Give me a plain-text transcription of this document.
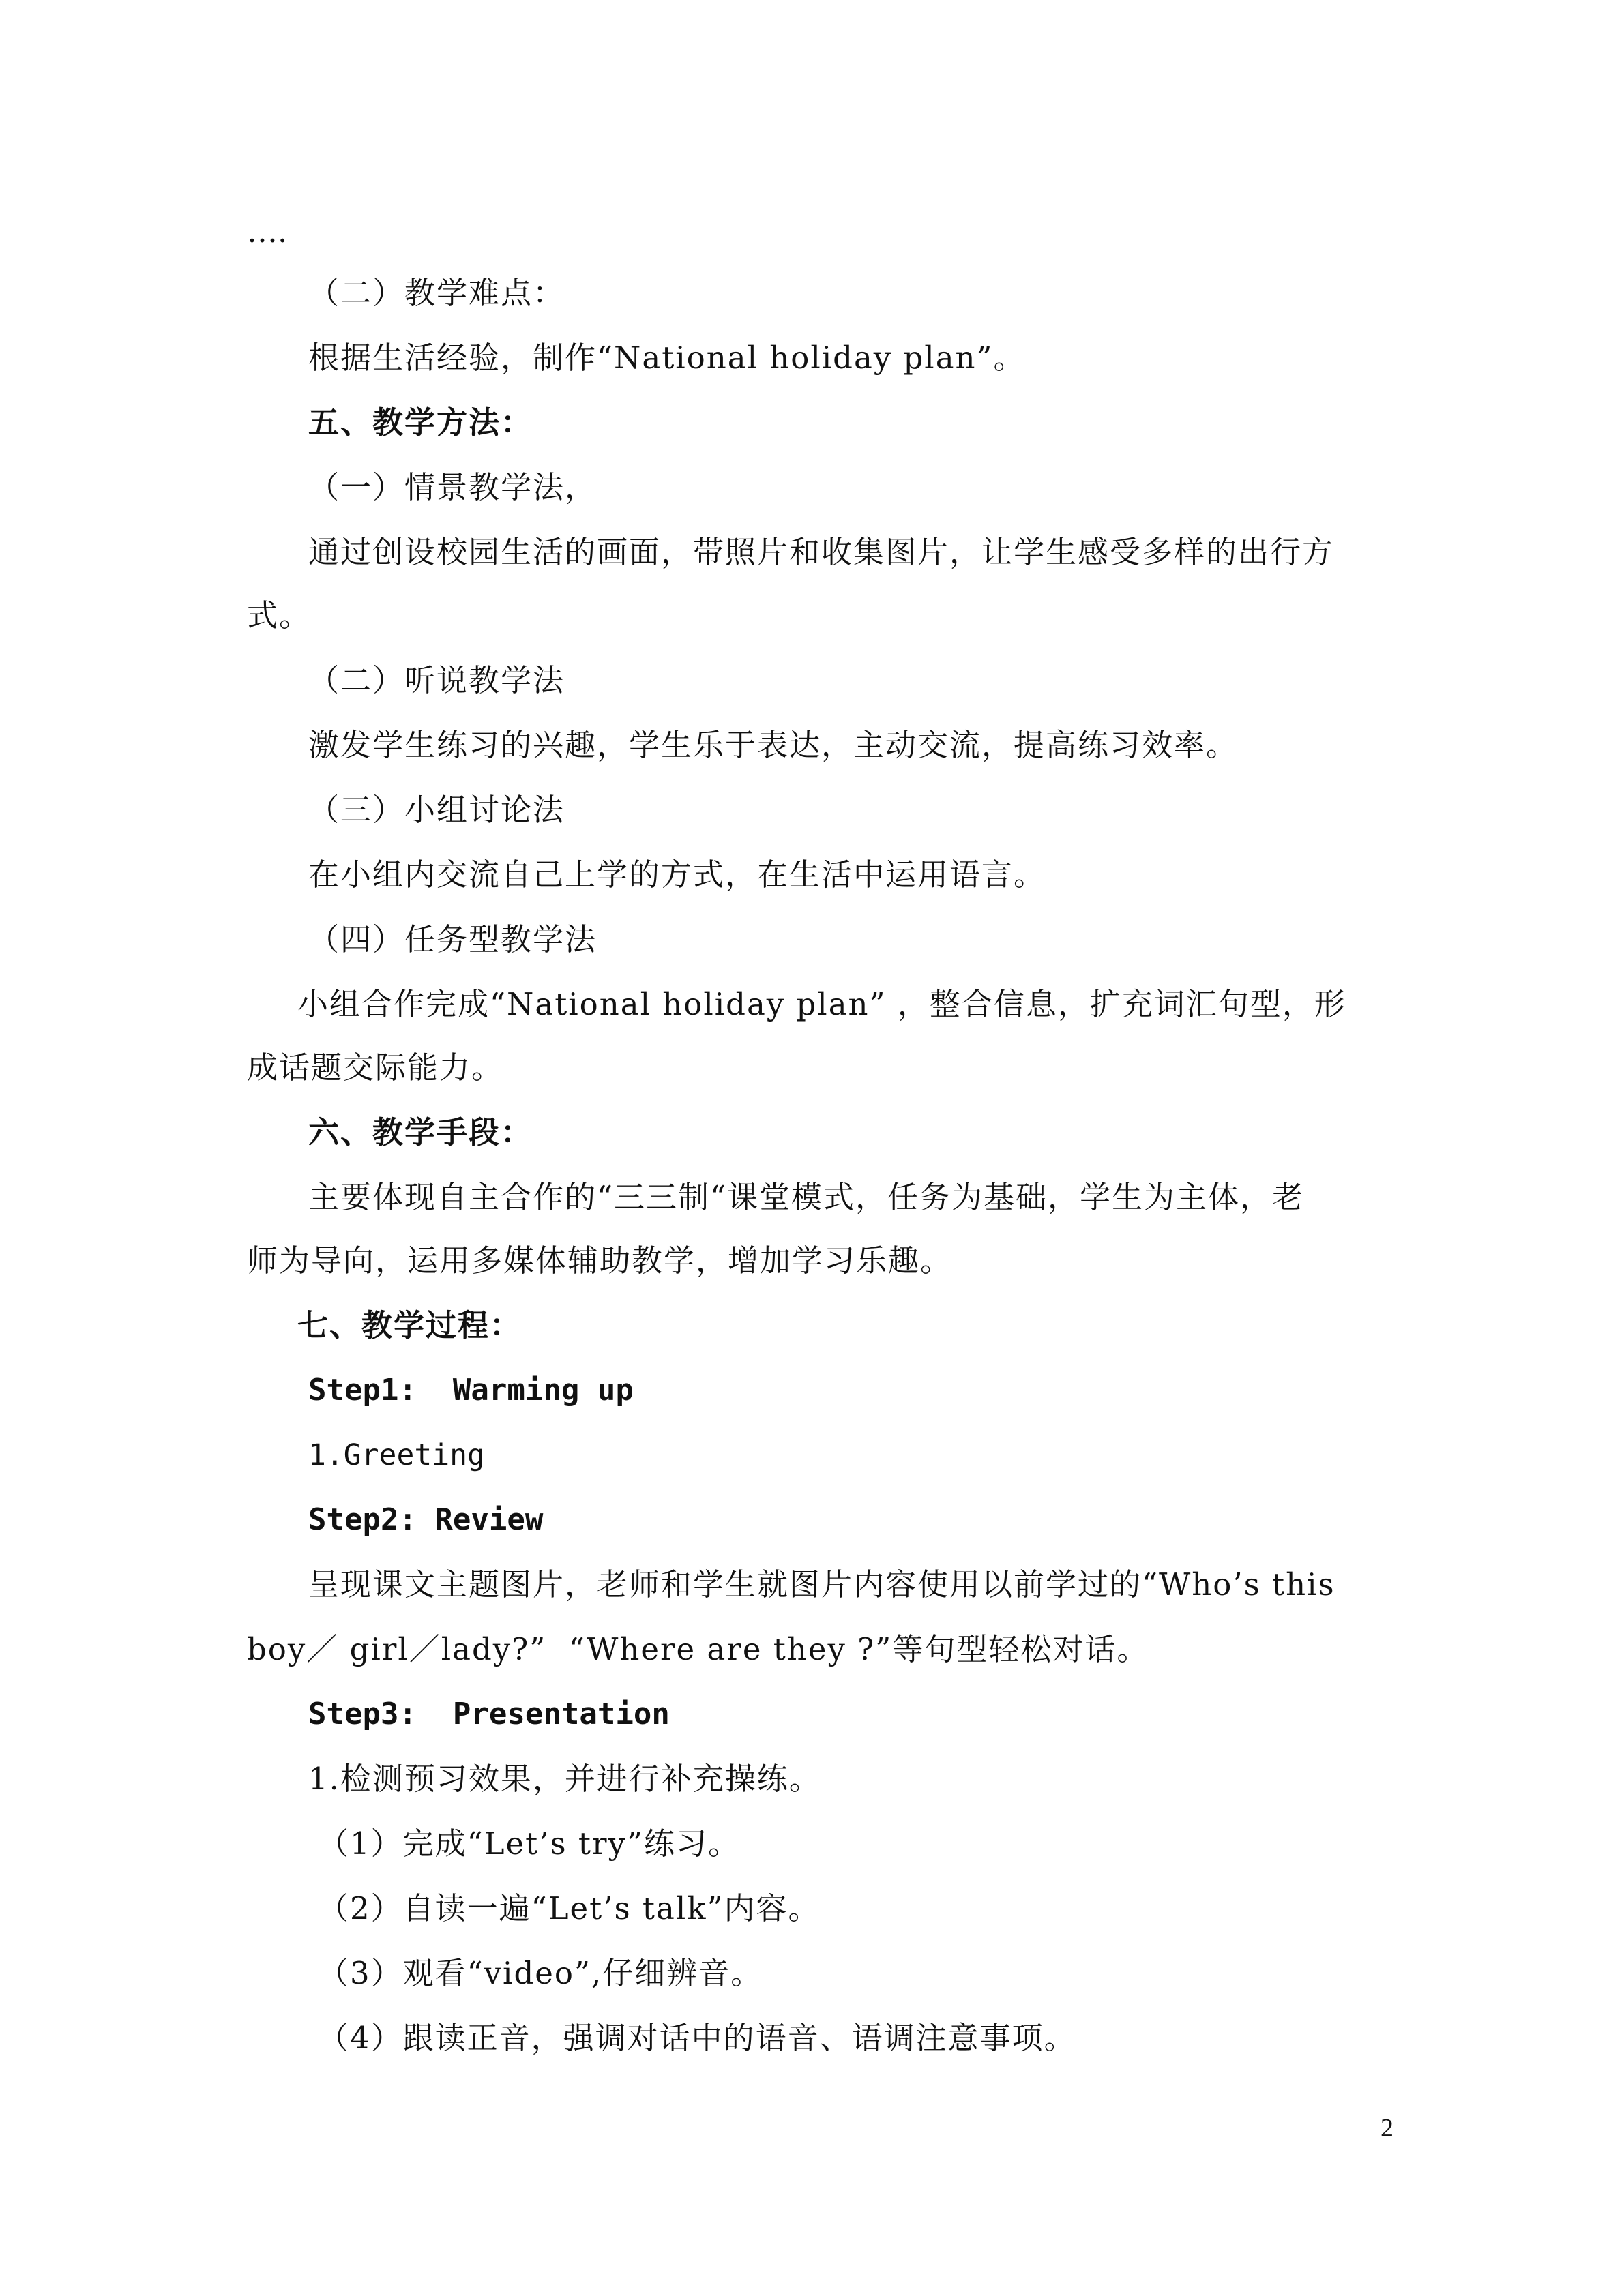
….
（二）教学难点：
根据生活经验，制作“National holiday plan”。
五、教学方法：
（一）情景教学法，
通过创设校园生活的画面，带照片和收集图片，让学生感受多样的出行方
式。
（二）听说教学法
激发学生练习的兴趣，学生乐于表达，主动交流，提高练习效率。
（三）小组讨论法
在小组内交流自己上学的方式，在生活中运用语言。
（四）任务型教学法
小组合作完成“National holiday plan” ，整合信息，扩充词汇句型，形
成话题交际能力。
六、教学手段：
主要体现自主合作的“三三制“课堂模式，任务为基础，学生为主体，老
师为导向，运用多媒体辅助教学，增加学习乐趣。
七、教学过程：
Step1:  Warming up
1.Greeting
Step2: Review
呈现课文主题图片，老师和学生就图片内容使用以前学过的“Who’s this
boy／ girl／lady?”  “Where are they ?”等句型轻松对话。
Step3:  Presentation
1.检测预习效果，并进行补充操练。
（1）完成“Let’s try”练习。
（2）自读一遍“Let’s talk”内容。
（3）观看“video”,仔细辨音。
（4）跟读正音，强调对话中的语音、语调注意事项。
2
